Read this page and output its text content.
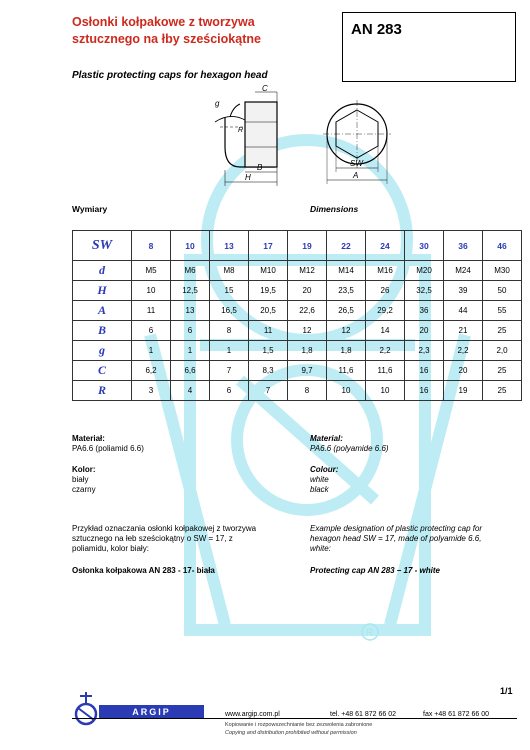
R
Osłonki kołpakowe z tworzywa
sztucznego na łby sześciokątne
AN 283
Plastic protecting caps for hexagon head
C
g
R
B
H
SW
A
Wymiary	Dimensions
SW	8	10	13	17	19	22	24	30	36	46
d	M5	M6	M8	M10	M12	M14	M16	M20	M24	M30
H	10	12,5	15	19,5	20	23,5	26	32,5	39	50
A	11	13	16,5	20,5	22,6	26,5	29,2	36	44	55
B	6	6	8	11	12	12	14	20	21	25
g	1	1	1	1,5	1,8	1,8	2,2	2,3	2,2	2,0
C	6,2	6,6	7	8,3	9,7	11,6	11,6	16	20	25
R	3	4	6	7	8	10	10	16	19	25
Materiał:
PA6.6 (poliamid 6.6)
Material:
PA6.6 (polyamide 6.6)
Kolor:
biały
czarny
Colour:
white
black
Przykład oznaczania osłonki kołpakowej z tworzywa
sztucznego na łeb sześciokątny o SW = 17, z
poliamidu, kolor biały:
Example designation of plastic protecting cap for
hexagon head SW = 17, made of polyamide 6.6,
white:
Osłonka kołpakowa AN 283 - 17- biała	Protecting cap AN 283 – 17 - white
1/1
ARGIP	www.argip.com.pl	tel. +48 61 872 66 02	fax +48 61 872 66 00
Kopiowanie i rozpowszechnianie bez zezwolenia zabronione
Copying and distribution prohibited without permission
